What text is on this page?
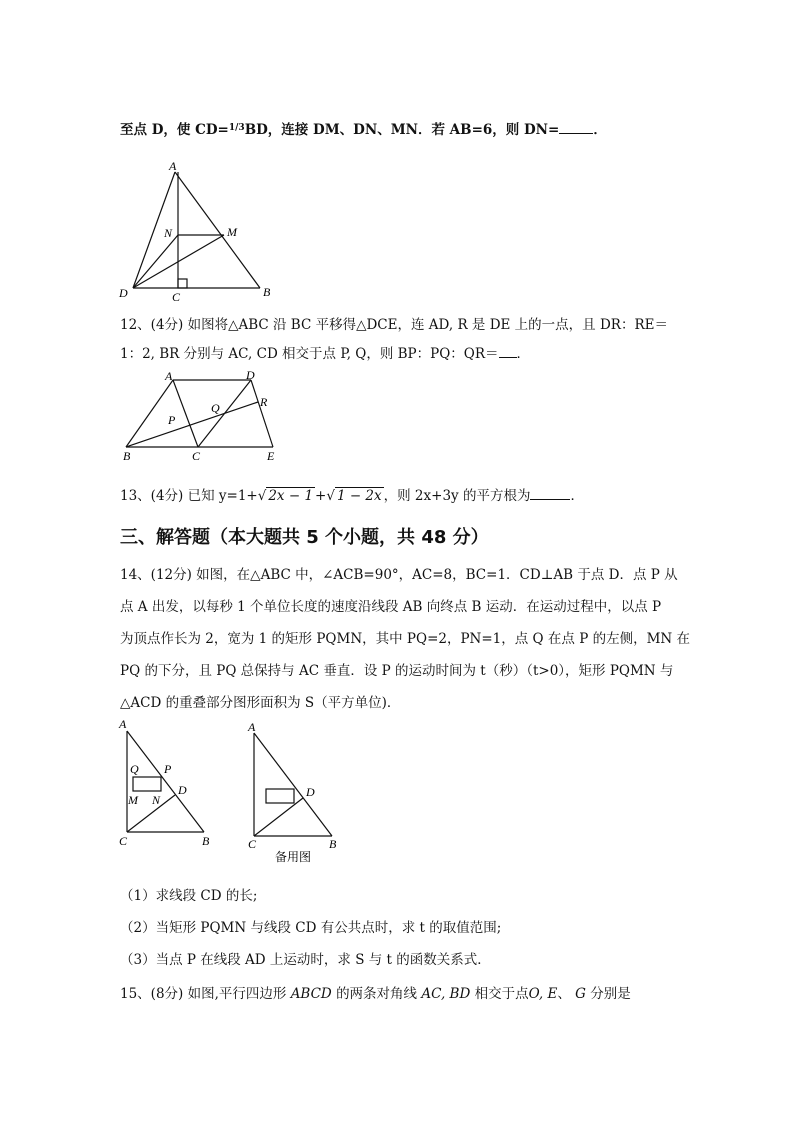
至点 D，使 CD=$^{1/3}$BD，连接 DM、DN、MN．若 AB=6，则 DN=	．
A
N	M
D	C	B
12、(4分) 如图将△ABC 沿 BC 平移得△DCE，连 AD, R 是 DE 上的一点，且 DR：RE＝
1：2, BR 分别与 AC, CD 相交于点 P, Q，则 BP：PQ：QR＝ ．
A	D
R
Q
P
B	C	E
13、(4分) 已知 y=1+√ 2x − 1 +√ 1 − 2x ，则 2x+3y 的平方根为	．
三、解答题（本大题共 5 个小题，共 48 分）
14、(12分) 如图，在△ABC 中，∠ACB=90°，AC=8，BC=1．CD⊥AB 于点 D．点 P 从
点 A 出发，以每秒 1 个单位长度的速度沿线段 AB 向终点 B 运动．在运动过程中，以点 P
为顶点作长为 2，宽为 1 的矩形 PQMN，其中 PQ=2，PN=1，点 Q 在点 P 的左侧，MN 在
PQ 的下分，且 PQ 总保持与 AC 垂直．设 P 的运动时间为 t（秒）（t>0），矩形 PQMN 与
△ACD 的重叠部分图形面积为 S（平方单位)．
A
Q P
D
M N
C	B
A
D
C	B
备用图
（1）求线段 CD 的长;
（2）当矩形 PQMN 与线段 CD 有公共点时，求 t 的取值范围;
（3）当点 P 在线段 AD 上运动时，求 S 与 t 的函数关系式．
15、(8分) 如图,平行四边形 ABCD 的两条对角线 AC, BD 相交于点O, E、 G 分别是
